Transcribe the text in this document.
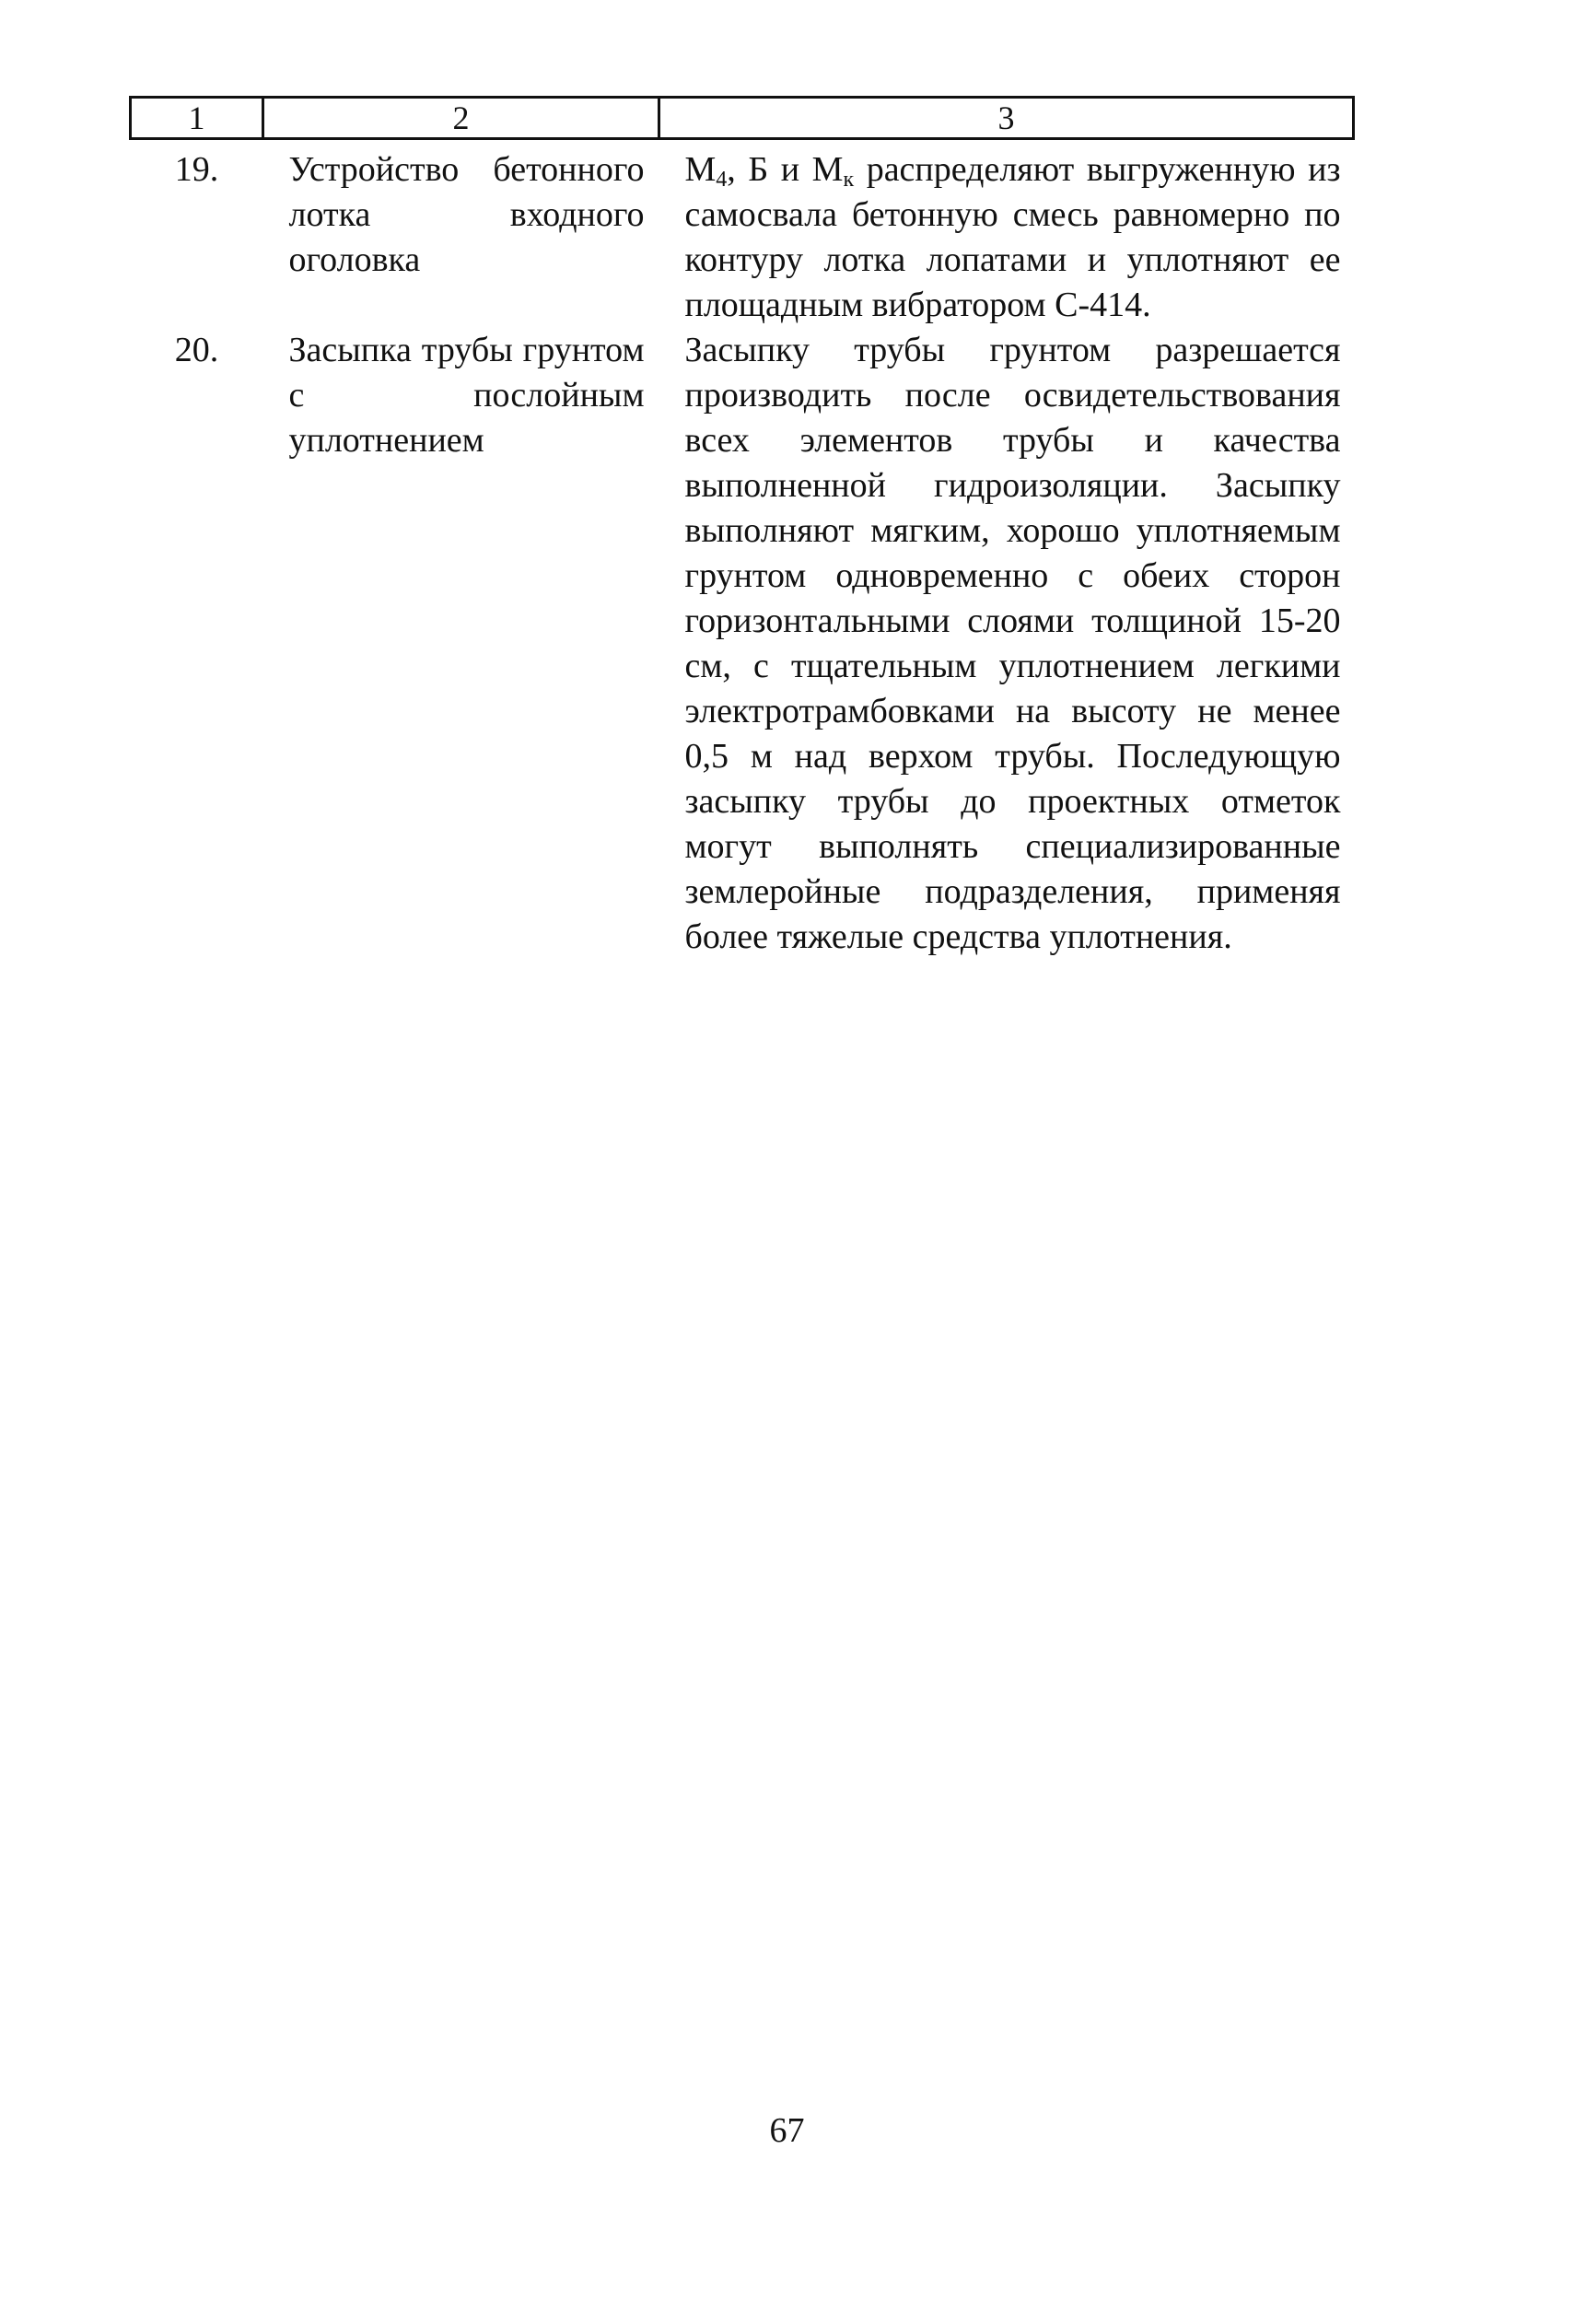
1	2	3
19.	Устройство бетонного лотка входного оголовка	$М_4$, Б и $М_к$ распределяют выгруженную из самосвала бетонную смесь равномерно по контуру лотка лопатами и уплотняют ее площадным вибратором С-414.
20.	Засыпка трубы грунтом с послойным уплотнением	Засыпку трубы грунтом разрешается производить после освидетельствования всех элементов трубы и качества выполненной гидроизоляции. Засыпку выполняют мягким, хорошо уплотняемым грунтом одновременно с обеих сторон горизонтальными слоями толщиной 15-20 см, с тщательным уплотнением легкими электротрамбовками на высоту не менее 0,5 м над верхом трубы. Последующую засыпку трубы до проектных отметок могут выполнять специализированные землеройные подразделения, применяя более тяжелые средства уплотнения.
67
